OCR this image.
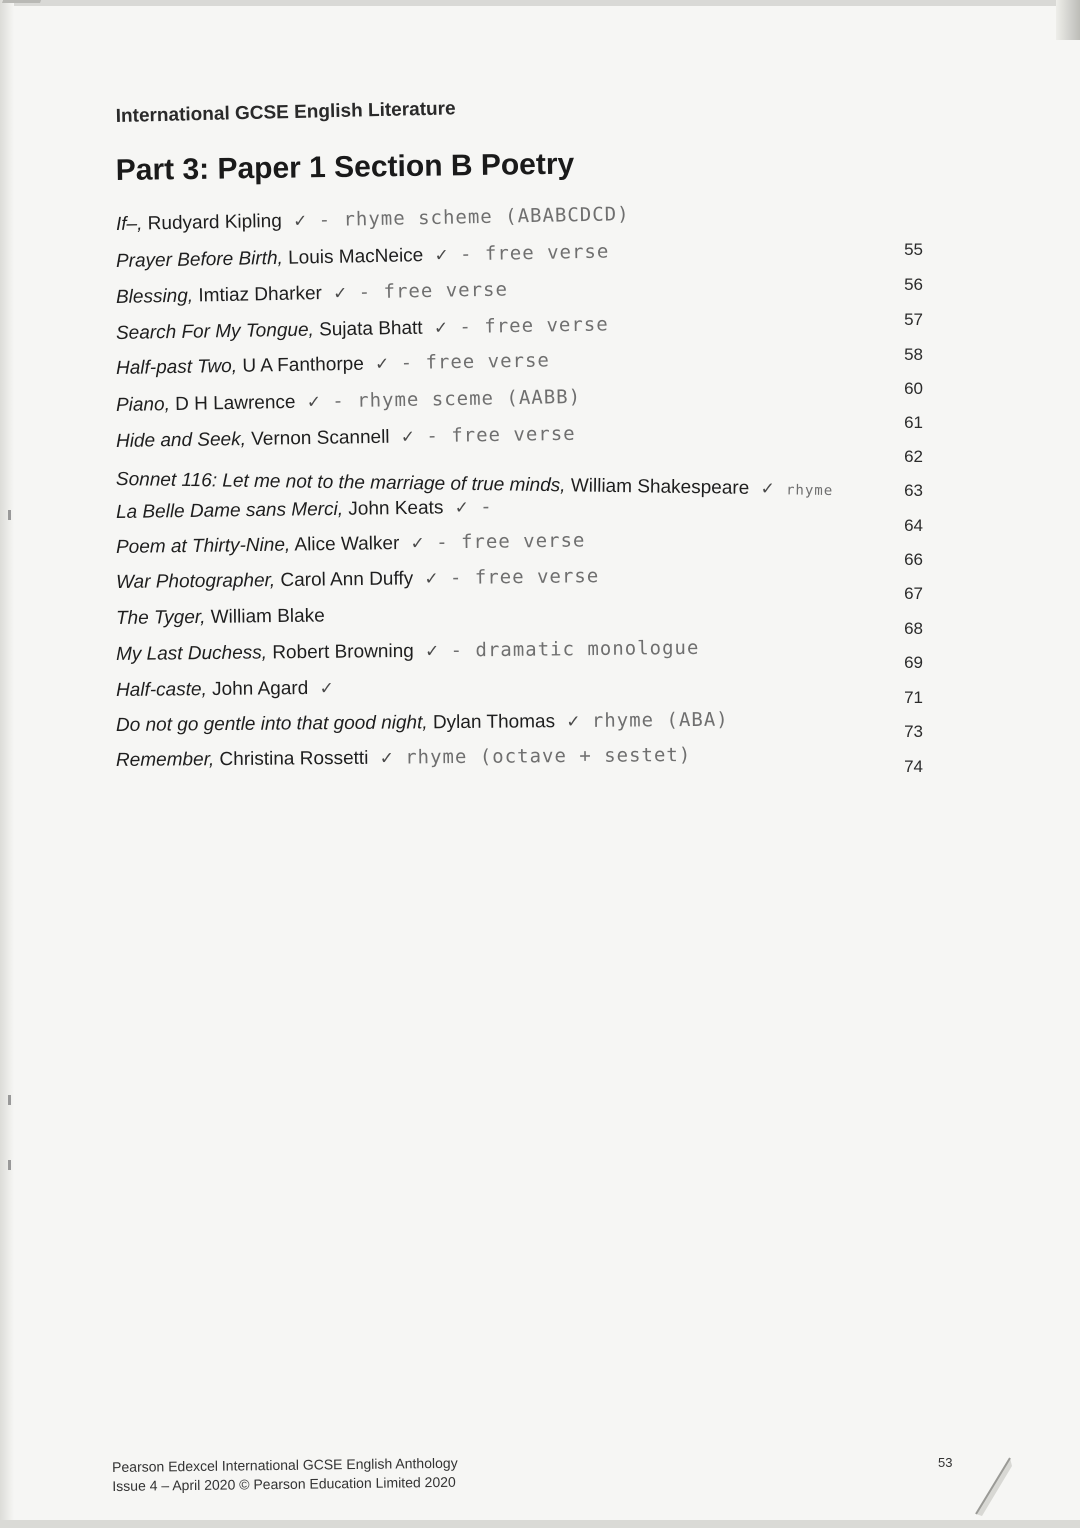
International GCSE English Literature
Part 3: Paper 1 Section B Poetry
If–, Rudyard Kipling ✓ - rhyme scheme (ABABCDCD)
Prayer Before Birth, Louis MacNeice ✓ - free verse
Blessing, Imtiaz Dharker ✓ - free verse
Search For My Tongue, Sujata Bhatt ✓ - free verse
Half-past Two, U A Fanthorpe ✓ - free verse
Piano, D H Lawrence ✓ - rhyme sceme (AABB)
Hide and Seek, Vernon Scannell ✓ - free verse
Sonnet 116: Let me not to the marriage of true minds, William Shakespeare ✓ rhyme
La Belle Dame sans Merci, John Keats ✓ -
Poem at Thirty-Nine, Alice Walker ✓ - free verse
War Photographer, Carol Ann Duffy ✓ - free verse
The Tyger, William Blake
My Last Duchess, Robert Browning ✓ - dramatic monologue
Half-caste, John Agard ✓
Do not go gentle into that good night, Dylan Thomas ✓ rhyme (ABA)
Remember, Christina Rossetti ✓ rhyme (octave + sestet)
55
56
57
58
60
61
62
63
64
66
67
68
69
71
73
74
Pearson Edexcel International GCSE English Anthology
Issue 4 – April 2020 © Pearson Education Limited 2020
53
